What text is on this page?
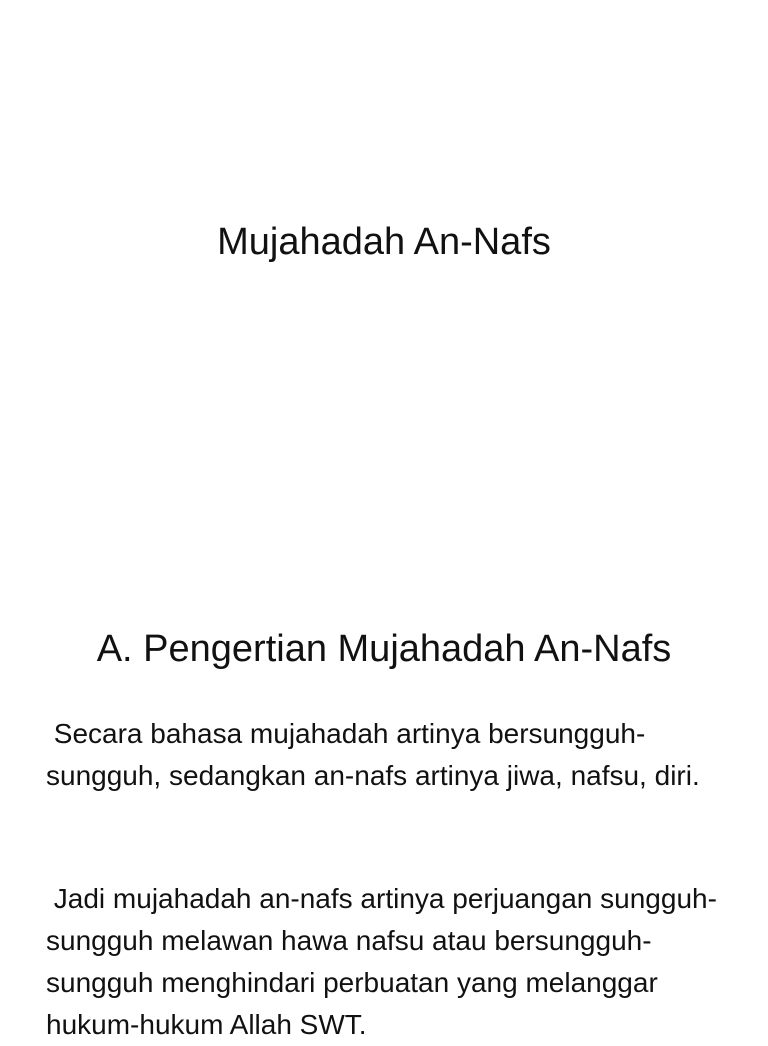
Mujahadah An-Nafs
A. Pengertian Mujahadah An-Nafs

Secara bahasa mujahadah artinya bersungguh-sungguh, sedangkan an-nafs artinya jiwa, nafsu, diri.

Jadi mujahadah an-nafs artinya perjuangan sungguh-sungguh melawan hawa nafsu atau bersungguh-sungguh menghindari perbuatan yang melanggar hukum-hukum Allah SWT.
